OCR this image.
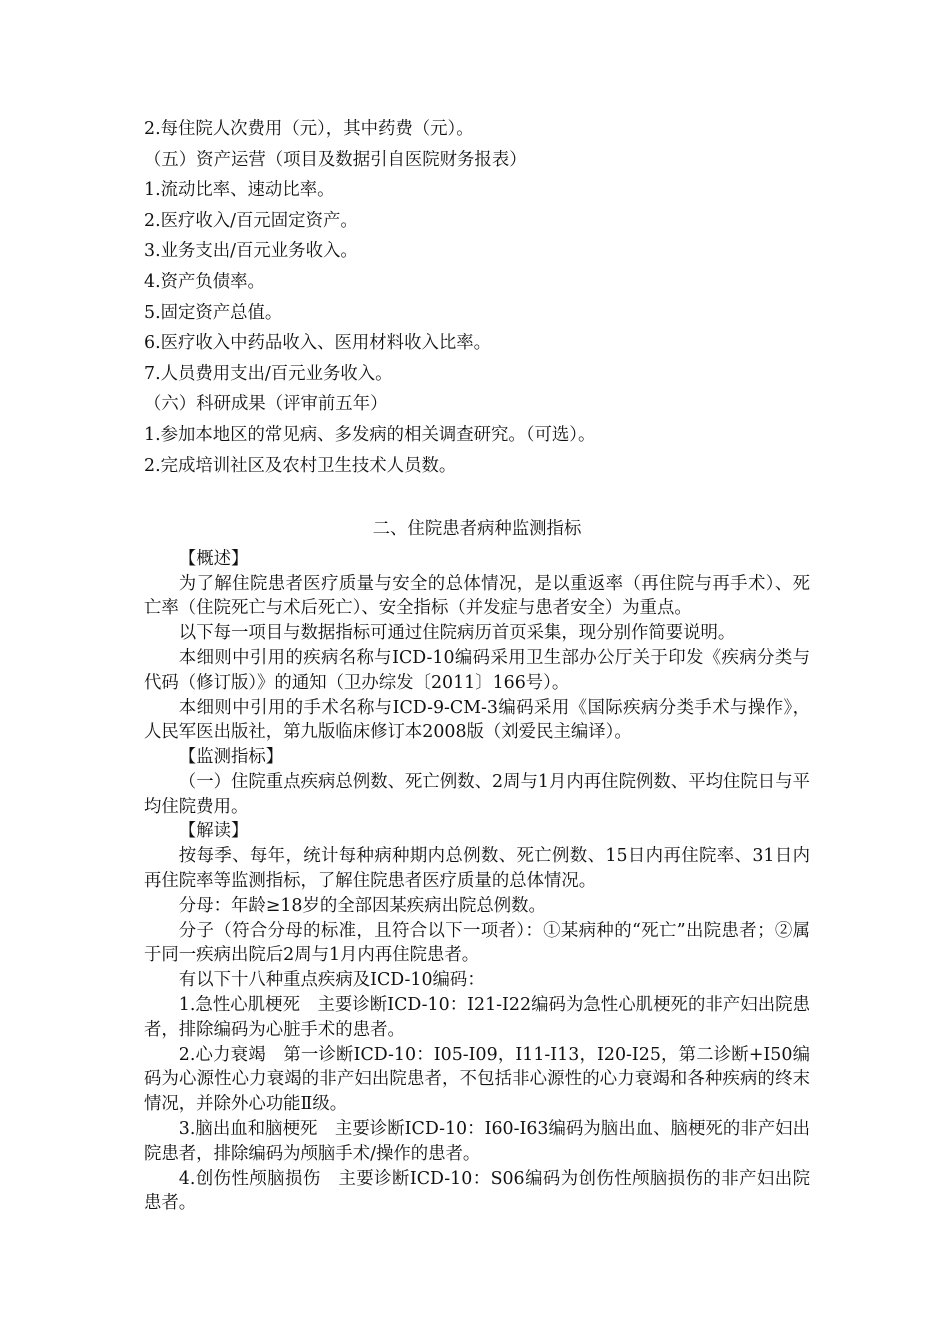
2.每住院人次费用（元），其中药费（元）。

（五）资产运营（项目及数据引自医院财务报表）

1.流动比率、速动比率。

2.医疗收入/百元固定资产。

3.业务支出/百元业务收入。

4.资产负债率。

5.固定资产总值。

6.医疗收入中药品收入、医用材料收入比率。

7.人员费用支出/百元业务收入。

（六）科研成果（评审前五年）

1.参加本地区的常见病、多发病的相关调查研究。（可选）。

2.完成培训社区及农村卫生技术人员数。

二、住院患者病种监测指标

【概述】

为了解住院患者医疗质量与安全的总体情况，是以重返率（再住院与再手术）、死亡率（住院死亡与术后死亡）、安全指标（并发症与患者安全）为重点。

以下每一项目与数据指标可通过住院病历首页采集，现分别作简要说明。

本细则中引用的疾病名称与ICD-10编码采用卫生部办公厅关于印发《疾病分类与代码（修订版）》的通知（卫办综发〔2011〕166号）。

本细则中引用的手术名称与ICD-9-CM-3编码采用《国际疾病分类手术与操作》，人民军医出版社，第九版临床修订本2008版（刘爱民主编译）。

【监测指标】

（一）住院重点疾病总例数、死亡例数、2周与1月内再住院例数、平均住院日与平均住院费用。

【解读】

按每季、每年，统计每种病种期内总例数、死亡例数、15日内再住院率、31日内再住院率等监测指标，了解住院患者医疗质量的总体情况。

分母：年龄≥18岁的全部因某疾病出院总例数。

分子（符合分母的标准，且符合以下一项者）：①某病种的“死亡”出院患者；②属于同一疾病出院后2周与1月内再住院患者。

有以下十八种重点疾病及ICD-10编码：

1.急性心肌梗死　主要诊断ICD-10：I21-I22编码为急性心肌梗死的非产妇出院患者，排除编码为心脏手术的患者。

2.心力衰竭　第一诊断ICD-10：I05-I09，I11-I13，I20-I25，第二诊断+I50编码为心源性心力衰竭的非产妇出院患者，不包括非心源性的心力衰竭和各种疾病的终末情况，并除外心功能Ⅱ级。

3.脑出血和脑梗死　主要诊断ICD-10：I60-I63编码为脑出血、脑梗死的非产妇出院患者，排除编码为颅脑手术/操作的患者。

4.创伤性颅脑损伤　主要诊断ICD-10：S06编码为创伤性颅脑损伤的非产妇出院患者。
